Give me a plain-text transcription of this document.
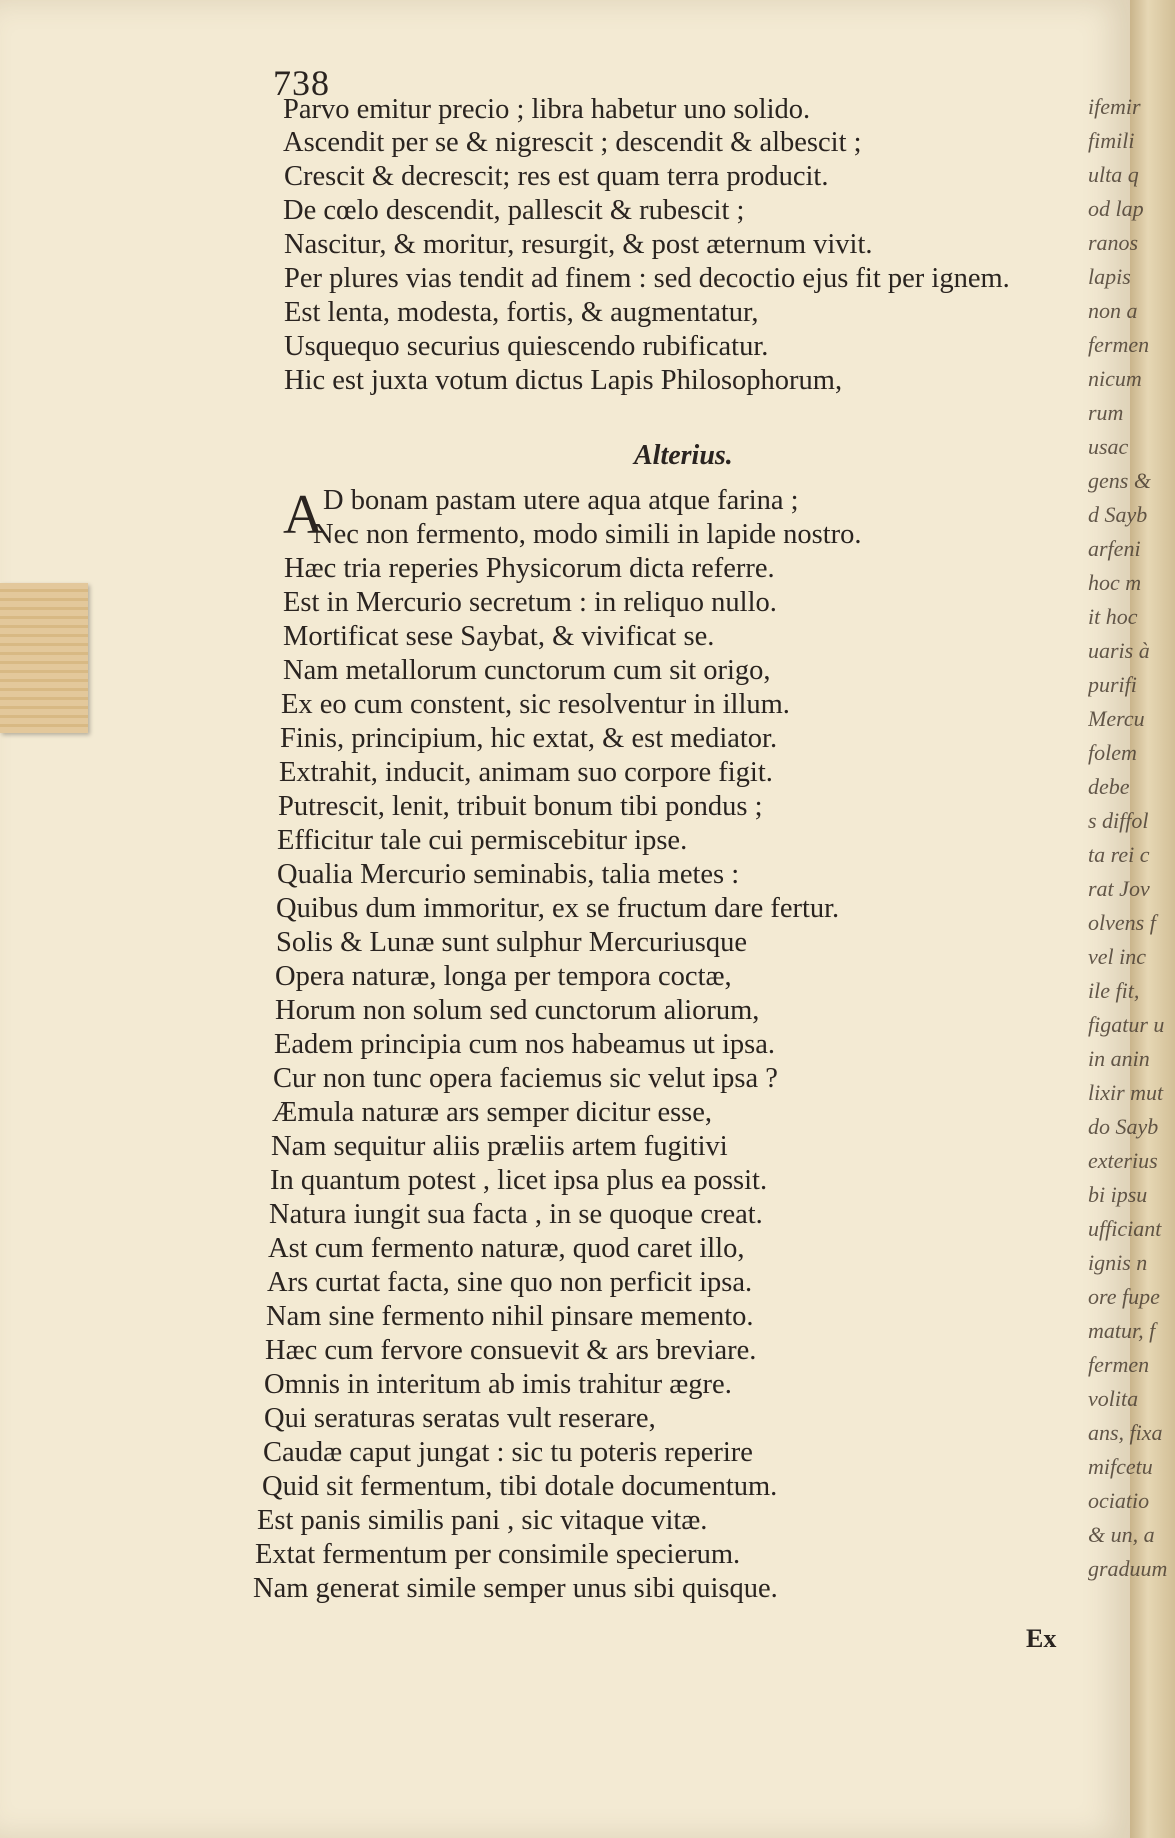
738
Parvo emitur precio ; libra habetur uno solido.
Ascendit per se & nigrescit ; descendit & albescit ;
Crescit & decrescit; res est quam terra producit.
De cœlo descendit, pallescit & rubescit ;
Nascitur, & moritur, resurgit, & post æternum vivit.
Per plures vias tendit ad finem : sed decoctio ejus fit per ignem.
Est lenta, modesta, fortis, & augmentatur,
Usquequo securius quiescendo rubificatur.
Hic est juxta votum dictus Lapis Philosophorum,
Alterius.
A D bonam pastam utere aqua atque farina ;
Nec non fermento, modo simili in lapide nostro.
Hæc tria reperies Physicorum dicta referre.
Est in Mercurio secretum : in reliquo nullo.
Mortificat sese Saybat, & vivificat se.
Nam metallorum cunctorum cum sit origo,
Ex eo cum constent, sic resolventur in illum.
Finis, principium, hic extat, & est mediator.
Extrahit, inducit, animam suo corpore figit.
Putrescit, lenit, tribuit bonum tibi pondus ;
Efficitur tale cui permiscebitur ipse.
Qualia Mercurio seminabis, talia metes :
Quibus dum immoritur, ex se fructum dare fertur.
Solis & Lunæ sunt sulphur Mercuriusque
Opera naturæ, longa per tempora coctæ,
Horum non solum sed cunctorum aliorum,
Eadem principia cum nos habeamus ut ipsa.
Cur non tunc opera faciemus sic velut ipsa ?
Æmula naturæ ars semper dicitur esse,
Nam sequitur aliis præliis artem fugitivi
In quantum potest , licet ipsa plus ea possit.
Natura iungit sua facta , in se quoque creat.
Ast cum fermento naturæ, quod caret illo,
Ars curtat facta, sine quo non perficit ipsa.
Nam sine fermento nihil pinsare memento.
Hæc cum fervore consuevit & ars breviare.
Omnis in interitum ab imis trahitur ægre.
Qui seraturas seratas vult reserare,
Caudæ caput jungat : sic tu poteris reperire
Quid sit fermentum, tibi dotale documentum.
Est panis similis pani , sic vitaque vitæ.
Extat fermentum per consimile specierum.
Nam generat simile semper unus sibi quisque.
Ex
ifemir
fimili
ulta q
od lap
ranos
lapis
non a
fermen
nicum
rum
usac
gens &
d Sayb
arfeni
hoc m
it hoc
uaris à
purifi
Mercu
folem
debe
s diffol
ta rei c
rat Jov
olvens f
vel inc
ile fit,
figatur u
in anin
lixir mut
do Sayb
exterius
bi ipsu
ufficiant
ignis n
ore fupe
matur, f
fermen
volita
ans, fixa
mifcetu
ociatio
& un, a
graduum
